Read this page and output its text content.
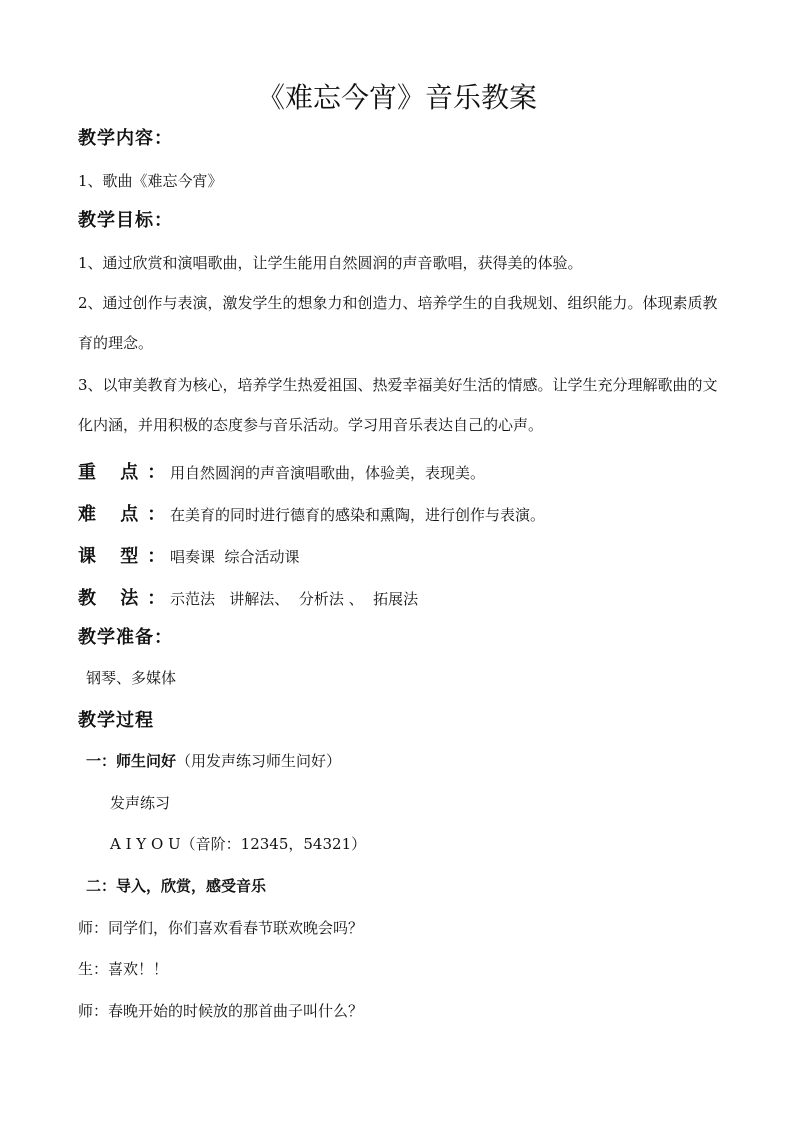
《难忘今宵》音乐教案
教学内容：
1、歌曲《难忘今宵》
教学目标：
1、通过欣赏和演唱歌曲，让学生能用自然圆润的声音歌唱，获得美的体验。
2、通过创作与表演，激发学生的想象力和创造力、培养学生的自我规划、组织能力。体现素质教育的理念。
3、以审美教育为核心，培养学生热爱祖国、热爱幸福美好生活的情感。让学生充分理解歌曲的文化内涵，并用积极的态度参与音乐活动。学习用音乐表达自己的心声。
重 点：用自然圆润的声音演唱歌曲，体验美，表现美。
难 点：在美育的同时进行德育的感染和熏陶，进行创作与表演。
课 型：唱奏课  综合活动课
教 法：示范法   讲解法、  分析法 、  拓展法
教学准备：
钢琴、多媒体
教学过程
一：师生问好（用发声练习师生问好）
发声练习
A I Y O U（音阶：12345，54321）
二：导入，欣赏，感受音乐
师：同学们，你们喜欢看春节联欢晚会吗？
生：喜欢！！
师：春晚开始的时候放的那首曲子叫什么？
